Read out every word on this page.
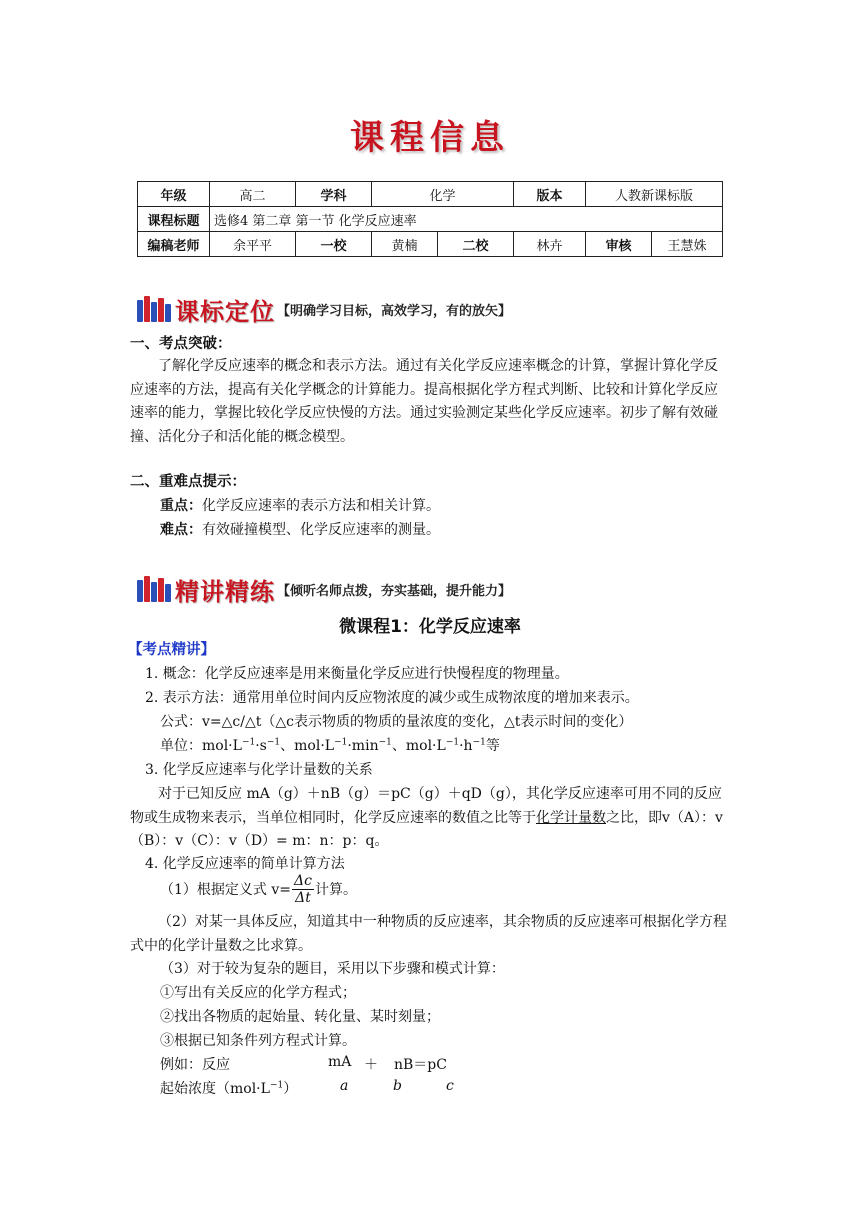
课程信息
年级	高二	学科	化学		版本	人教新课标版	
课程标题	选修4 第二章 第一节 化学反应速率						
编稿老师	余平平	一校	黄楠	二校	林卉	审核	王慧姝
课标定位 【明确学习目标，高效学习，有的放矢】
一、考点突破：
了解化学反应速率的概念和表示方法。通过有关化学反应速率概念的计算，掌握计算化学反应速率的方法，提高有关化学概念的计算能力。提高根据化学方程式判断、比较和计算化学反应速率的能力，掌握比较化学反应快慢的方法。通过实验测定某些化学反应速率。初步了解有效碰撞、活化分子和活化能的概念模型。
二、重难点提示：
重点：化学反应速率的表示方法和相关计算。
难点：有效碰撞模型、化学反应速率的测量。
精讲精练 【倾听名师点拨，夯实基础，提升能力】
微课程1：化学反应速率
【考点精讲】
1. 概念：化学反应速率是用来衡量化学反应进行快慢程度的物理量。
2. 表示方法：通常用单位时间内反应物浓度的减少或生成物浓度的增加来表示。
公式：v=△c/△t（△c表示物质的物质的量浓度的变化，△t表示时间的变化）
单位：$mol\cdot L^{-1}\cdot s^{-1}$、$mol\cdot L^{-1}\cdot\min^{-1}$、$mol\cdot L^{-1}\cdot h^{-1}$等
3. 化学反应速率与化学计量数的关系
对于已知反应 mA（g）＋nB（g）＝pC（g）＋qD（g），其化学反应速率可用不同的反应物或生成物来表示，当单位相同时，化学反应速率的数值之比等于化学计量数之比，即v（A）：v（B）：v（C）：v（D）= m：n：p：q。
4. 化学反应速率的简单计算方法
（1）根据定义式 $v= \frac{\Delta c}{\Delta t}$ 计算。
（2）对某一具体反应，知道其中一种物质的反应速率，其余物质的反应速率可根据化学方程式中的化学计量数之比求算。
（3）对于较为复杂的题目，采用以下步骤和模式计算：
①写出有关反应的化学方程式；
②找出各物质的起始量、转化量、某时刻量；
③根据已知条件列方程式计算。
例如：反应	mA ＋ nB＝pC
起始浓度$(mol\cdot L^{-1})$	a	b	c
